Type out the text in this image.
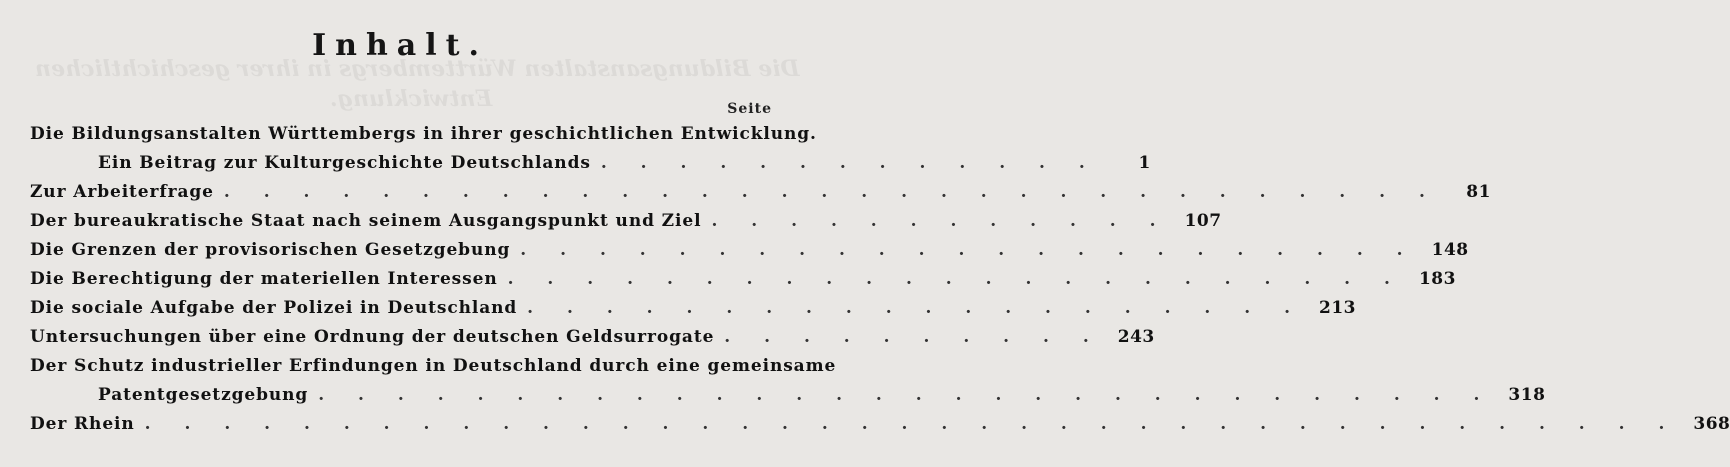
Die Bildungsanstalten Württembergs in ihrer geschichtlichen
Entwicklung.
Inhalt.
Seite
Die Bildungsanstalten Württembergs in ihrer geschichtlichen Entwicklung.
Ein Beitrag zur Kulturgeschichte Deutschlands . . . . . . . . . . . . .	1
Zur Arbeiterfrage . . . . . . . . . . . . . . . . . . . . . . . . . . . . . . .	81
Der bureaukratische Staat nach seinem Ausgangspunkt und Ziel . . . . . . . . . . . . 107
Die Grenzen der provisorischen Gesetzgebung . . . . . . . . . . . . . . . . . . . . . . . 148
Die Berechtigung der materiellen Interessen . . . . . . . . . . . . . . . . . . . . . . . 183
Die sociale Aufgabe der Polizei in Deutschland . . . . . . . . . . . . . . . . . . . . 213
Untersuchungen über eine Ordnung der deutschen Geldsurrogate . . . . . . . . . . 243
Der Schutz industrieller Erfindungen in Deutschland durch eine gemeinsame
Patentgesetzgebung . . . . . . . . . . . . . . . . . . . . . . . . . . . . . . 318
Der Rhein . . . . . . . . . . . . . . . . . . . . . . . . . . . . . . . . . . . . . . . 368
